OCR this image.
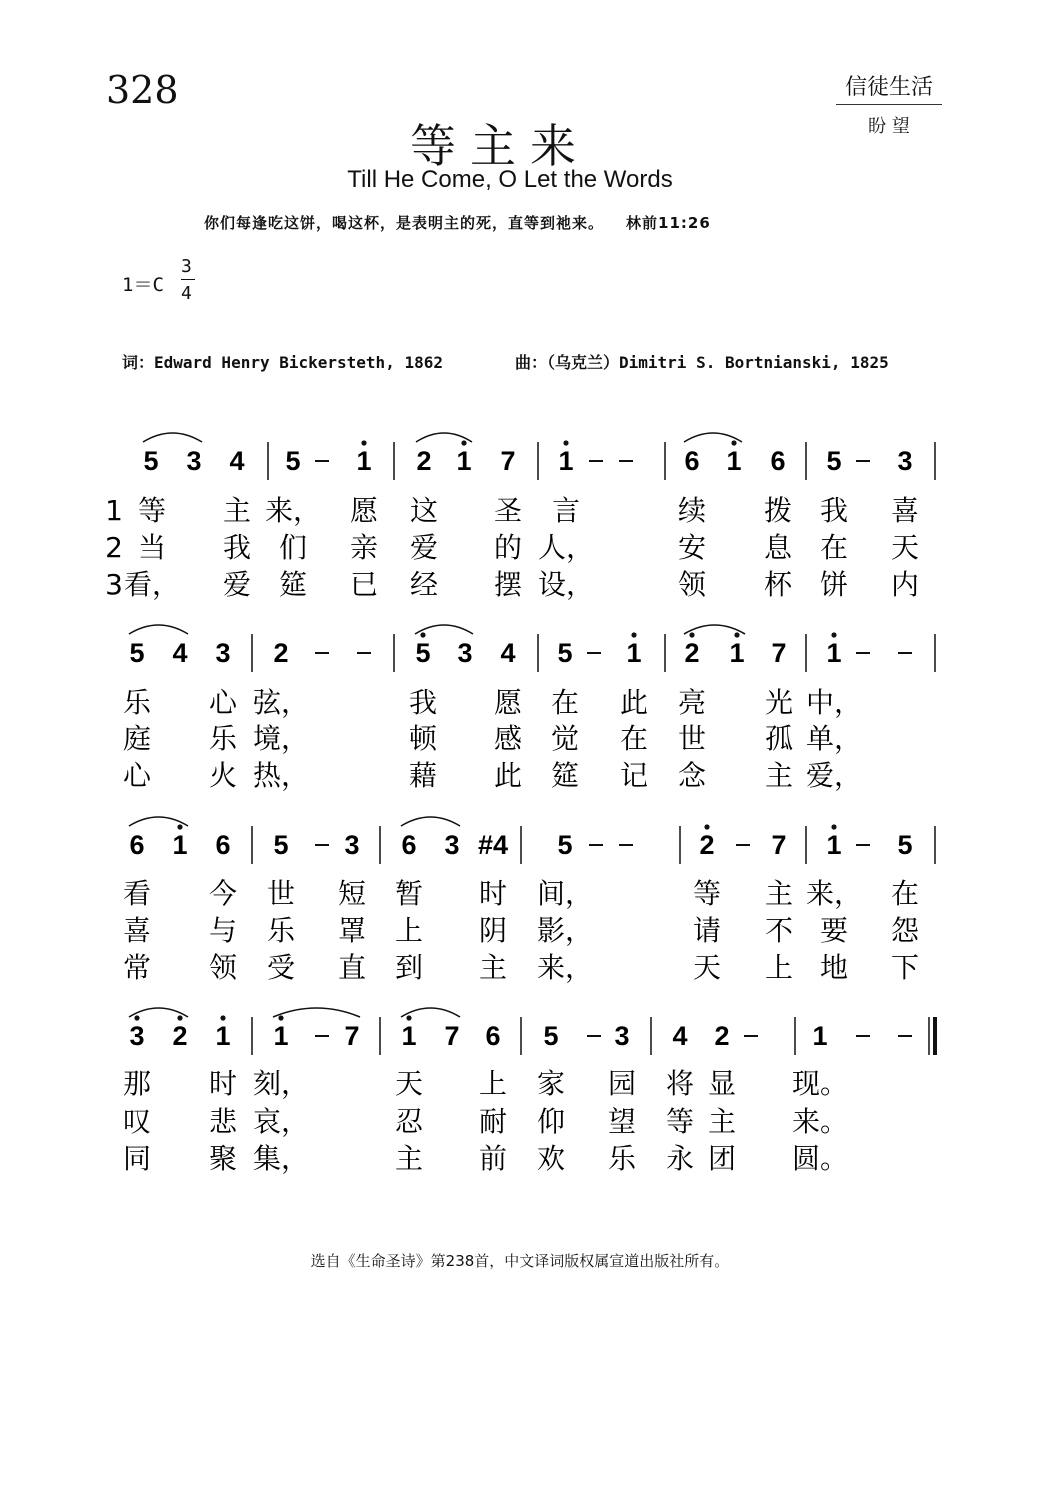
328	信徒生活
盼 望
等主来
Till He Come, O Let the Words
你们每逢吃这饼，喝这杯，是表明主的死，直等到祂来。 林前11:26
1＝C
3
4
词：Edward Henry Bickersteth, 1862	曲：（乌克兰）Dimitri S. Bortnianski, 1825
5 3 4 5 1 2 1 7 1	6 1 6 5 3
1 等 主 来， 愿 这 圣 言	续 拨 我 喜
2 当 我 们 亲 爱 的 人，	安 息 在 天
3 看， 爱 筵 已 经 摆 设，	领 杯 饼 内
5 4 3 2	5 3 4 5 1 2 1 7 1
乐 心 弦，	我 愿 在 此 亮 光 中，
庭 乐 境，	顿 感 觉 在 世 孤 单，
心 火 热，	藉 此 筵 记 念 主 爱，
6 1 6 5 3 6 3 #4 5	2 7 1 5
看 今 世 短 暂 时 间，	等 主 来， 在
喜 与 乐 罩 上 阴 影，	请 不 要 怨
常 领 受 直 到 主 来，	天 上 地 下
3 2 1 1 7 1 7 6 5 3 4 2	1
那 时 刻，	天 上 家 园 将 显 现。
叹 悲 哀，	忍 耐 仰 望 等 主 来。
同 聚 集，	主 前 欢 乐 永 团 圆。
选自《生命圣诗》第238首，中文译词版权属宣道出版社所有。
